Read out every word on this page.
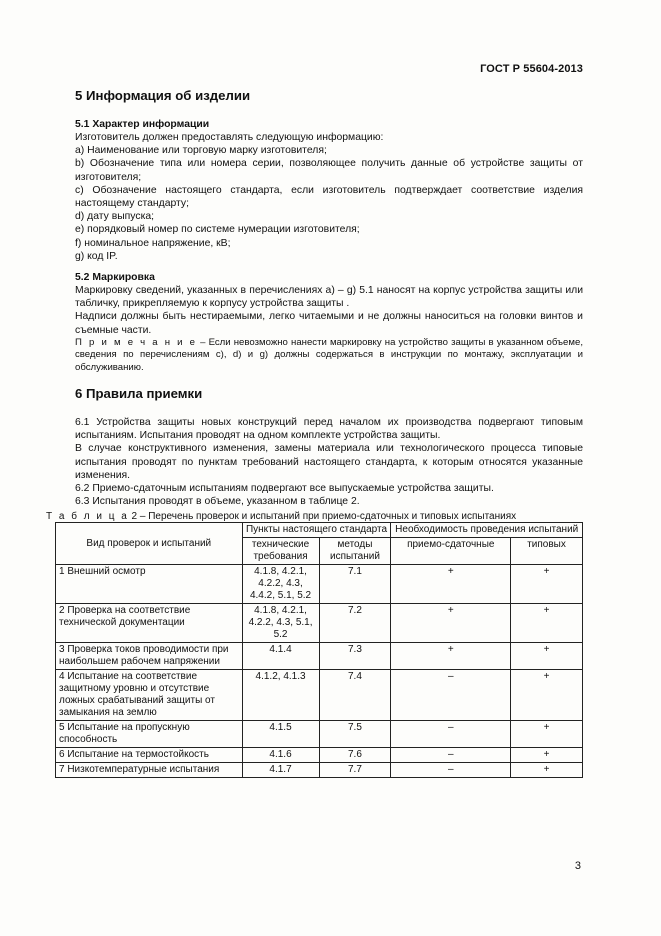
ГОСТ Р 55604-2013
5 Информация об изделии
5.1 Характер информации

Изготовитель должен предоставлять следующую информацию:

а) Наименование или торговую марку изготовителя;

b) Обозначение типа или номера серии, позволяющее получить данные об устройстве защиты от изготовителя;

c) Обозначение настоящего стандарта, если изготовитель подтверждает соответствие изделия настоящему стандарту;

d) дату выпуска;

е) порядковый номер по системе нумерации изготовителя;

f) номинальное напряжение, кВ;

g) код IP.

5.2 Маркировка

Маркировку сведений, указанных в перечислениях а) – g) 5.1 наносят на корпус устройства защиты или табличку, прикрепляемую к корпусу устройства защиты .

Надписи должны быть нестираемыми, легко читаемыми и не должны наноситься на головки винтов и съемные части.

П р и м е ч а н и е – Если невозможно нанести маркировку на устройство защиты в указанном объеме, сведения по перечислениям c), d) и g) должны содержаться в инструкции по монтажу, эксплуатации и обслуживанию.

6 Правила приемки

6.1 Устройства защиты новых конструкций перед началом их производства подвергают типовым испытаниям. Испытания проводят на одном комплекте устройства защиты.

В случае конструктивного изменения, замены материала или технологического процесса типовые испытания проводят по пунктам требований настоящего стандарта, к которым относятся указанные изменения.

6.2 Приемо-сдаточным испытаниям подвергают все выпускаемые устройства защиты.

6.3 Испытания проводят в объеме, указанном в таблице 2.

Т а б л и ц а 2 – Перечень проверок и испытаний при приемо-сдаточных и типовых испытаниях
Вид проверок и испытаний	Пункты настоящего стандарта		Необходимость проведения испытаний	
	технические требования	методы испытаний	приемо-сдаточные	типовых
1 Внешний осмотр	4.1.8, 4.2.1, 4.2.2, 4.3, 4.4.2, 5.1, 5.2	7.1	+	+
2 Проверка на соответствие технической документации	4.1.8, 4.2.1, 4.2.2, 4.3, 5.1, 5.2	7.2	+	+
3 Проверка токов проводимости при наибольшем рабочем напряжении	4.1.4	7.3	+	+
4 Испытание на соответствие защитному уровню и отсутствие ложных срабатываний защиты от замыкания на землю	4.1.2, 4.1.3	7.4	–	+
5 Испытание на пропускную способность	4.1.5	7.5	–	+
6 Испытание на термостойкость	4.1.6	7.6	–	+
7 Низкотемпературные испытания	4.1.7	7.7	–	+
3
